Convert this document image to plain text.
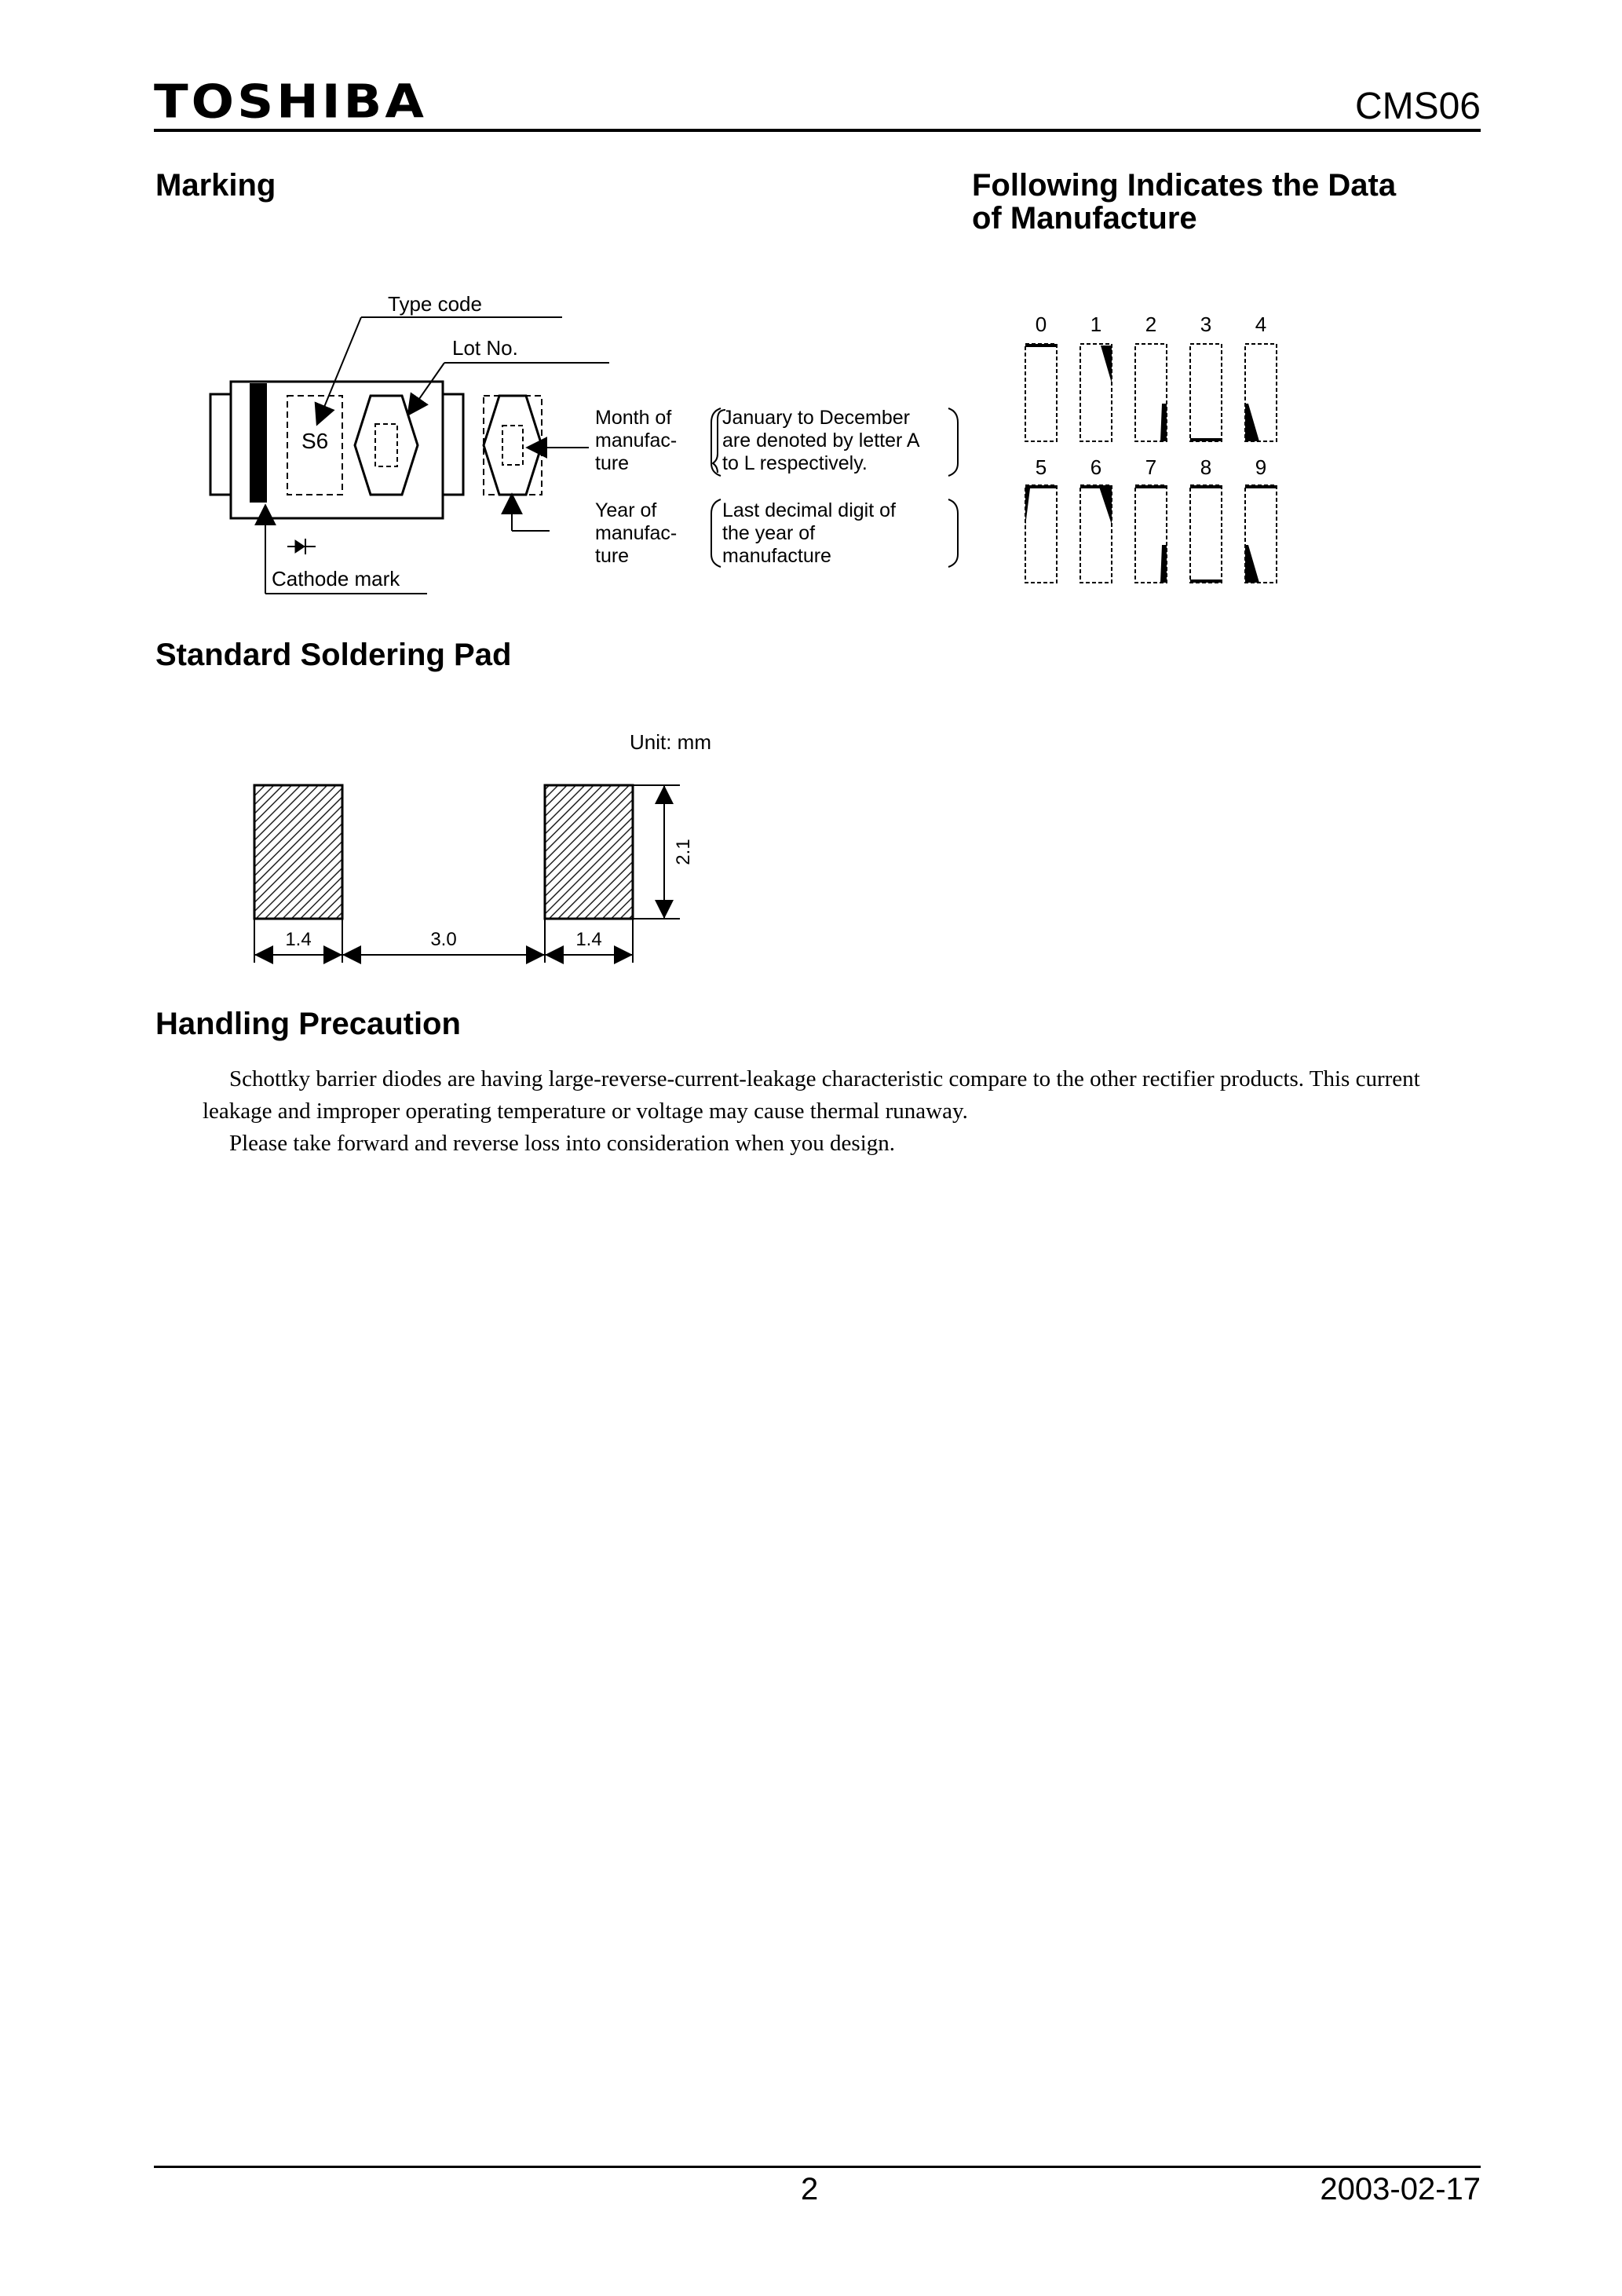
TOSHIBA	CMS06
Marking	Following Indicates the Data
of Manufacture
Type code
Lot No.
S6
Cathode mark
Month of
manufac-
ture
January to December
are denoted by letter A
to L respectively.
Year of
manufac-
ture
Last decimal digit of
the year of
manufacture
0 1 2 3 4
5 6 7 8 9
Standard Soldering Pad
Unit: mm
1.4	3.0	1.4
2.1
Handling Precaution

Schottky barrier diodes are having large-reverse-current-leakage characteristic compare to the other rectifier products. This current leakage and improper operating temperature or voltage may cause thermal runaway.

Please take forward and reverse loss into consideration when you design.

2	2003-02-17
